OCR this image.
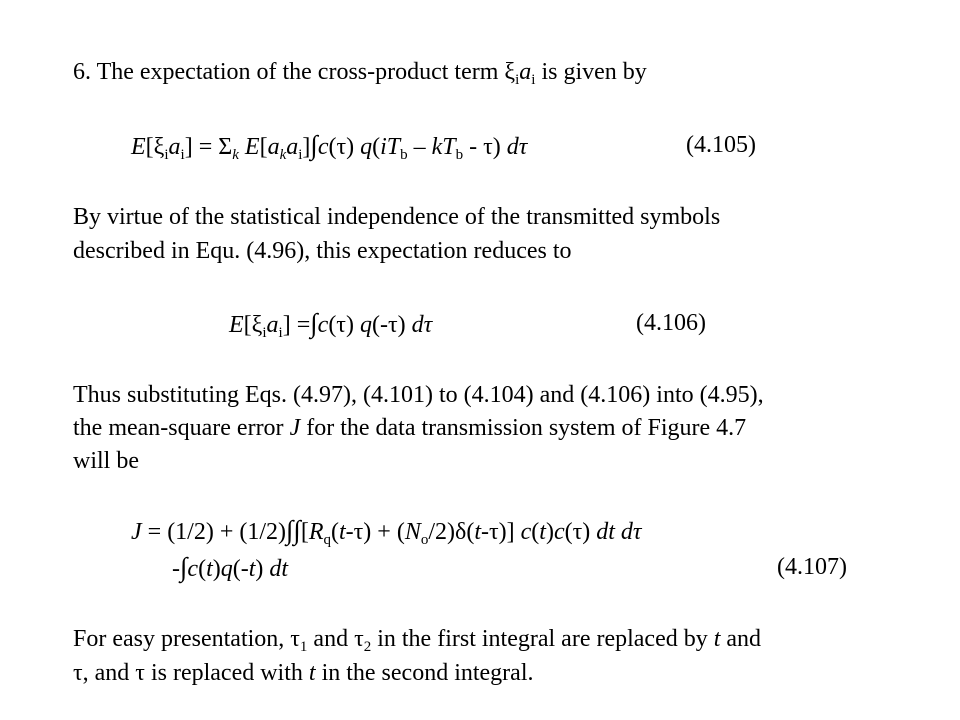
6. The expectation of the cross-product term $\xi_ia_i$ is given by
$E[\xi_ia_i] = \Sigma_k$ $E[a_ka_i]\int c(\tau)$ $q(iT_b - kT_b - \tau)$ dτ	(4.105)
By virtue of the statistical independence of the transmitted symbols
described in Equ. (4.96), this expectation reduces to
$E[\xi_ia_i] =\int c(\tau)$ q(-τ) dτ	(4.106)
Thus substituting Eqs. (4.97), (4.101) to (4.104) and (4.106) into (4.95),
the mean-square error J for the data transmission system of Figure 4.7
will be
$J = (1/2) + (1/2)\int\int[R_q(t-\tau) + (N_o/2)\delta(t-\tau)]$ c(t)c(τ) dt dτ
-∫c(t)q(-t) dt	(4.107)
For easy presentation, $\tau_1$ and $\tau_2$ in the first integral are replaced by t and
τ, and τ is replaced with t in the second integral.
